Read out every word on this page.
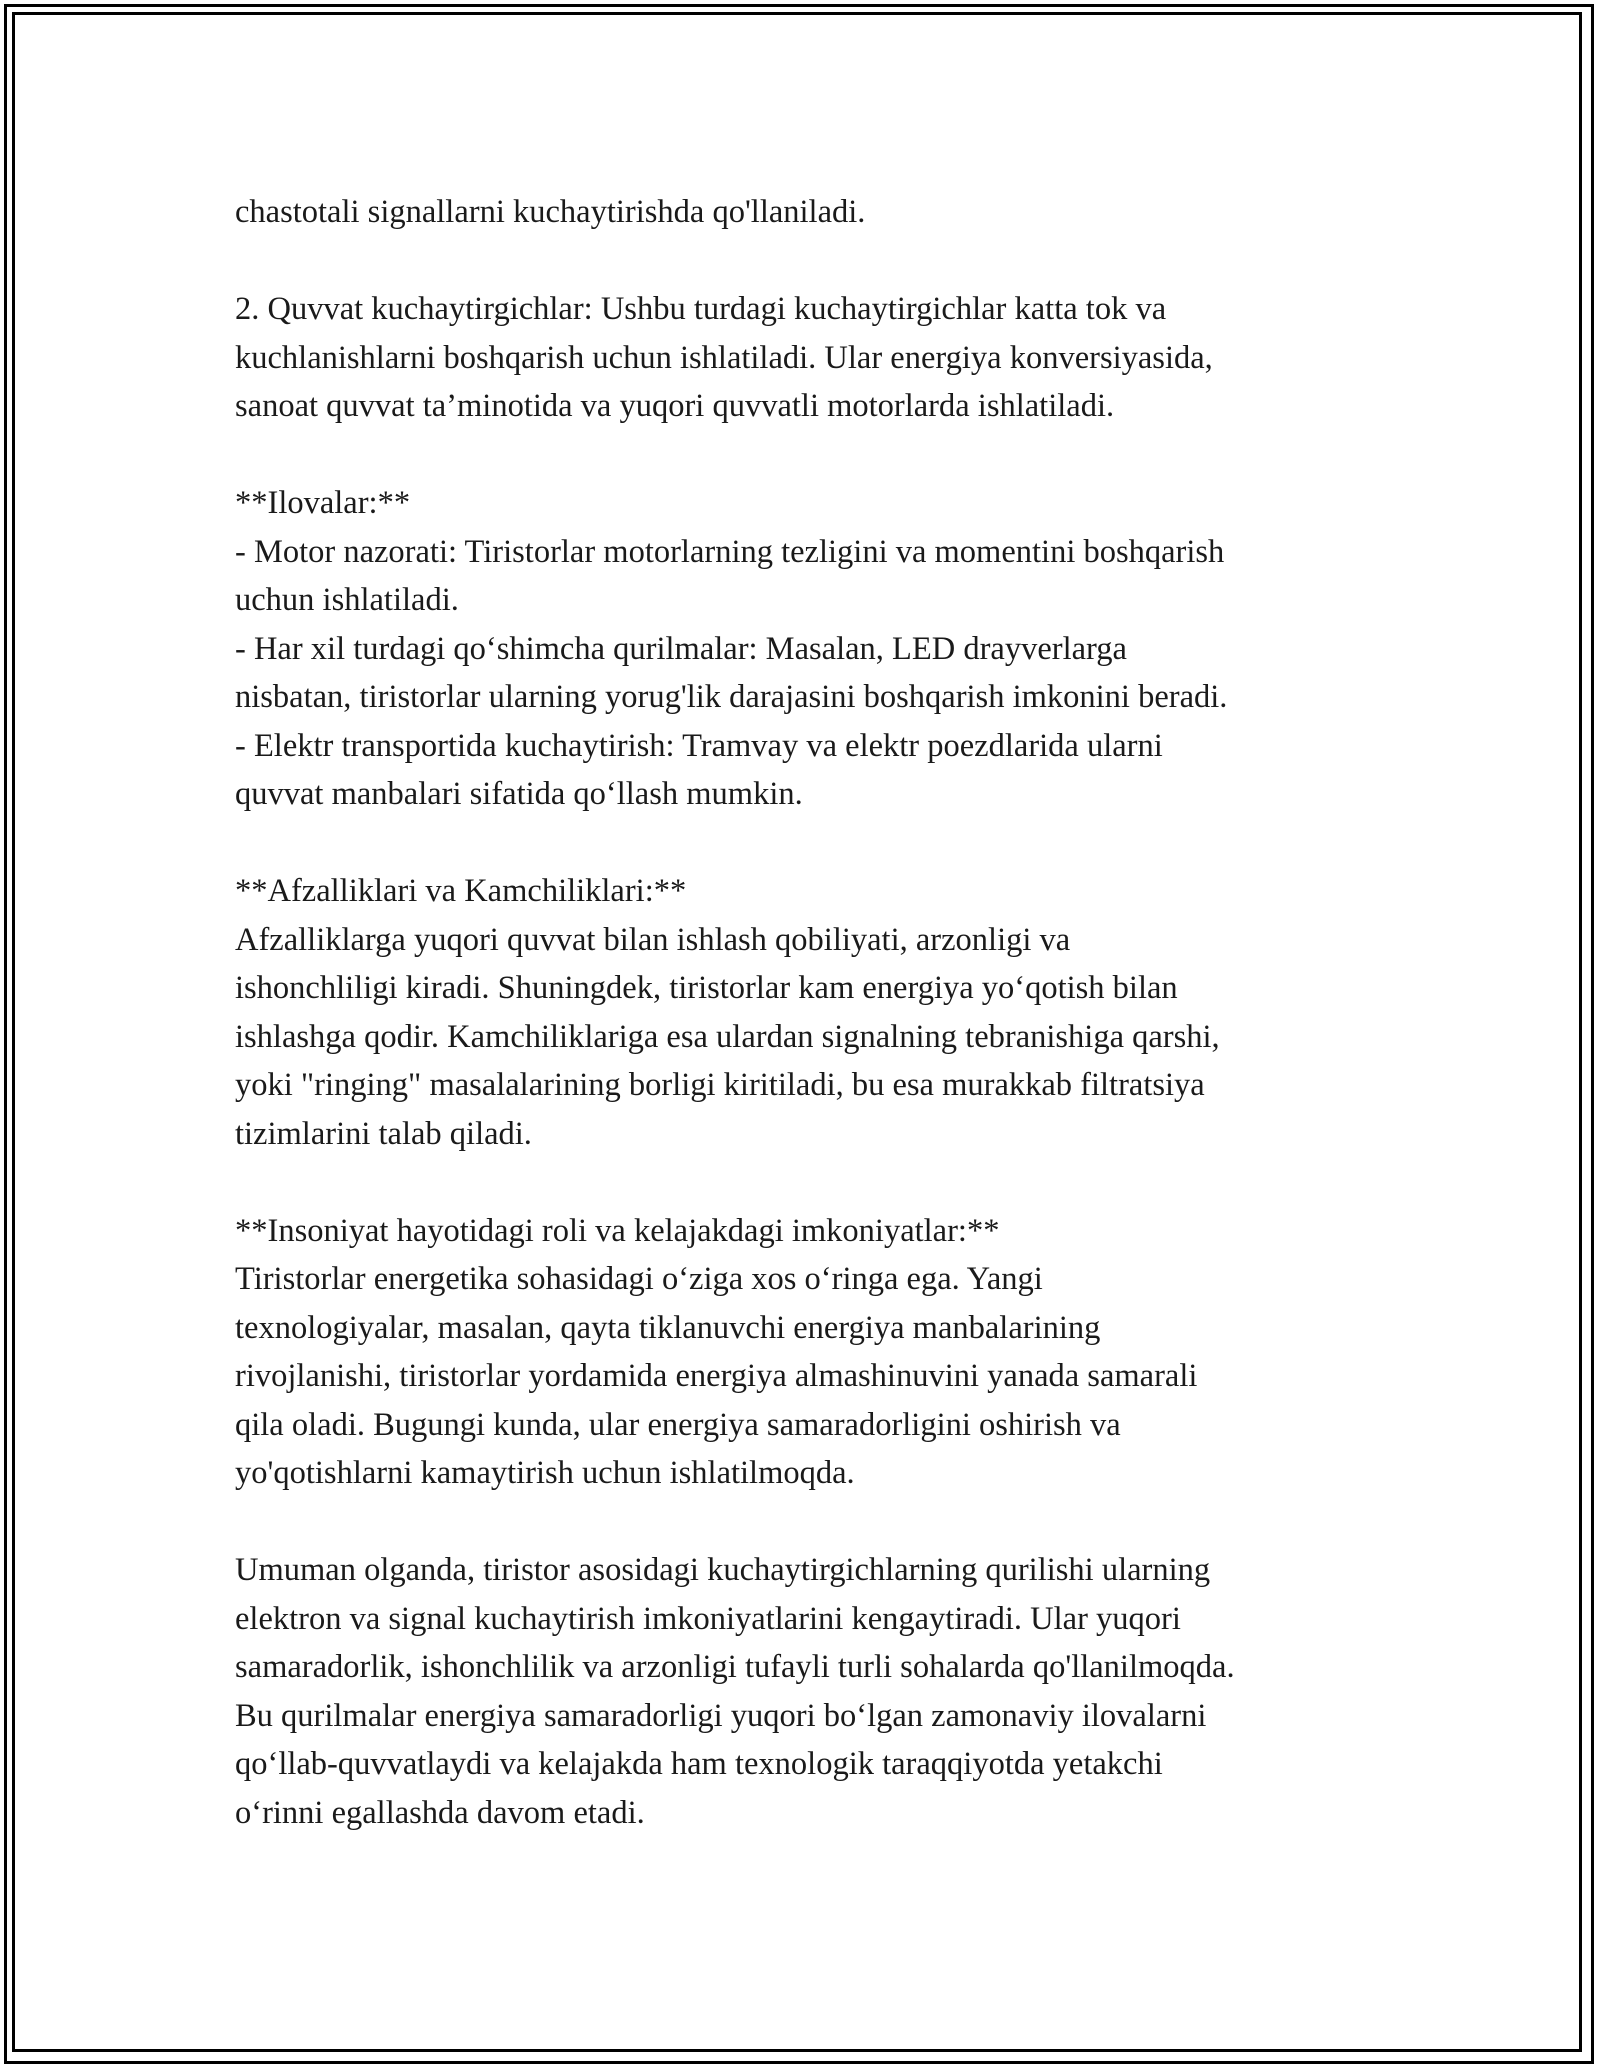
chastotali signallarni kuchaytirishda qo'llaniladi.

2. Quvvat kuchaytirgichlar: Ushbu turdagi kuchaytirgichlar katta tok va
kuchlanishlarni boshqarish uchun ishlatiladi. Ular energiya konversiyasida,
sanoat quvvat ta’minotida va yuqori quvvatli motorlarda ishlatiladi.

**Ilovalar:**
- Motor nazorati: Tiristorlar motorlarning tezligini va momentini boshqarish
uchun ishlatiladi.
- Har xil turdagi qo‘shimcha qurilmalar: Masalan, LED drayverlarga
nisbatan, tiristorlar ularning yorug'lik darajasini boshqarish imkonini beradi.
- Elektr transportida kuchaytirish: Tramvay va elektr poezdlarida ularni
quvvat manbalari sifatida qo‘llash mumkin.

**Afzalliklari va Kamchiliklari:**
Afzalliklarga yuqori quvvat bilan ishlash qobiliyati, arzonligi va
ishonchliligi kiradi. Shuningdek, tiristorlar kam energiya yo‘qotish bilan
ishlashga qodir. Kamchiliklariga esa ulardan signalning tebranishiga qarshi,
yoki "ringing" masalalarining borligi kiritiladi, bu esa murakkab filtratsiya
tizimlarini talab qiladi.

**Insoniyat hayotidagi roli va kelajakdagi imkoniyatlar:**
Tiristorlar energetika sohasidagi o‘ziga xos o‘ringa ega. Yangi
texnologiyalar, masalan, qayta tiklanuvchi energiya manbalarining
rivojlanishi, tiristorlar yordamida energiya almashinuvini yanada samarali
qila oladi. Bugungi kunda, ular energiya samaradorligini oshirish va
yo'qotishlarni kamaytirish uchun ishlatilmoqda.

Umuman olganda, tiristor asosidagi kuchaytirgichlarning qurilishi ularning
elektron va signal kuchaytirish imkoniyatlarini kengaytiradi. Ular yuqori
samaradorlik, ishonchlilik va arzonligi tufayli turli sohalarda qo'llanilmoqda.
Bu qurilmalar energiya samaradorligi yuqori bo‘lgan zamonaviy ilovalarni
qo‘llab-quvvatlaydi va kelajakda ham texnologik taraqqiyotda yetakchi
o‘rinni egallashda davom etadi.
